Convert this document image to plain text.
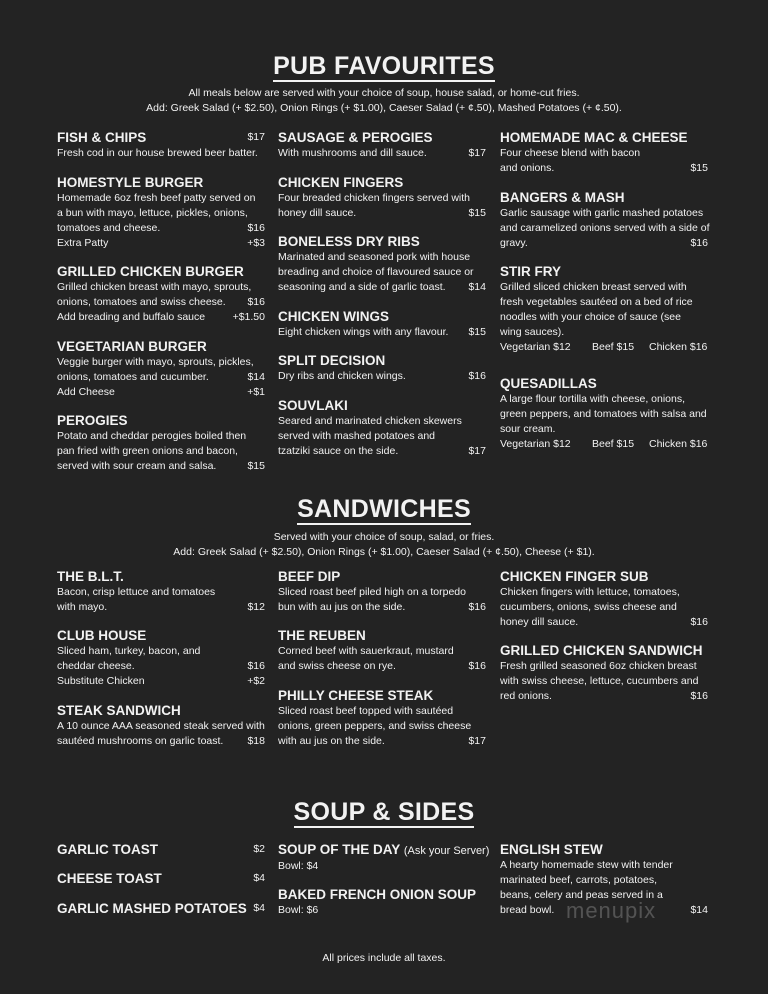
PUB FAVOURITES
All meals below are served with your choice of soup, house salad, or home-cut fries.
Add: Greek Salad (+ $2.50), Onion Rings (+ $1.00), Caeser Salad (+ ¢.50), Mashed Potatoes (+ ¢.50).
FISH & CHIPS	$17
Fresh cod in our house brewed beer batter.
HOMESTYLE BURGER
Homemade 6oz fresh beef patty served on
a bun with mayo, lettuce, pickles, onions,
tomatoes and cheese.	$16
Extra Patty	+$3
GRILLED CHICKEN BURGER
Grilled chicken breast with mayo, sprouts,
onions, tomatoes and swiss cheese. $16
Add breading and buffalo sauce	+$1.50
VEGETARIAN BURGER
Veggie burger with mayo, sprouts, pickles,
onions, tomatoes and cucumber.	$14
Add Cheese	+$1
PEROGIES
Potato and cheddar perogies boiled then
pan fried with green onions and bacon,
served with sour cream and salsa.	$15
SAUSAGE & PEROGIES
With mushrooms and dill sauce.	$17
CHICKEN FINGERS
Four breaded chicken fingers served with
honey dill sauce.	$15
BONELESS DRY RIBS
Marinated and seasoned pork with house
breading and choice of flavoured sauce or
seasoning and a side of garlic toast. $14
CHICKEN WINGS
Eight chicken wings with any flavour. $15
SPLIT DECISION
Dry ribs and chicken wings.	$16
SOUVLAKI
Seared and marinated chicken skewers
served with mashed potatoes and
tzatziki sauce on the side.	$17
HOMEMADE MAC & CHEESE
Four cheese blend with bacon
and onions.	$15
BANGERS & MASH
Garlic sausage with garlic mashed potatoes
and caramelized onions served with a side of
gravy.	$16
STIR FRY
Grilled sliced chicken breast served with
fresh vegetables sautéed on a bed of rice
noodles with your choice of sauce (see
wing sauces).
Vegetarian $12 Beef $15 Chicken $16
QUESADILLAS
A large flour tortilla with cheese, onions,
green peppers, and tomatoes with salsa and
sour cream.
Vegetarian $12 Beef $15 Chicken $16
SANDWICHES
Served with your choice of soup, salad, or fries.
Add: Greek Salad (+ $2.50), Onion Rings (+ $1.00), Caeser Salad (+ ¢.50), Cheese (+ $1).
THE B.L.T.
Bacon, crisp lettuce and tomatoes
with mayo.	$12
CLUB HOUSE
Sliced ham, turkey, bacon, and
cheddar cheese.	$16
Substitute Chicken	+$2
STEAK SANDWICH
A 10 ounce AAA seasoned steak served with
sautéed mushrooms on garlic toast. $18
BEEF DIP
Sliced roast beef piled high on a torpedo
bun with au jus on the side.	$16
THE REUBEN
Corned beef with sauerkraut, mustard
and swiss cheese on rye.	$16
PHILLY CHEESE STEAK
Sliced roast beef topped with sautéed
onions, green peppers, and swiss cheese
with au jus on the side.	$17
CHICKEN FINGER SUB
Chicken fingers with lettuce, tomatoes,
cucumbers, onions, swiss cheese and
honey dill sauce.	$16
GRILLED CHICKEN SANDWICH
Fresh grilled seasoned 6oz chicken breast
with swiss cheese, lettuce, cucumbers and
red onions.	$16
SOUP & SIDES
GARLIC TOAST	$2
CHEESE TOAST	$4
GARLIC MASHED POTATOES $4
SOUP OF THE DAY (Ask your Server)
Bowl: $4
BAKED FRENCH ONION SOUP
Bowl: $6
ENGLISH STEW
A hearty homemade stew with tender
marinated beef, carrots, potatoes,
beans, celery and peas served in a
bread bowl.	$14
menupix
All prices include all taxes.
